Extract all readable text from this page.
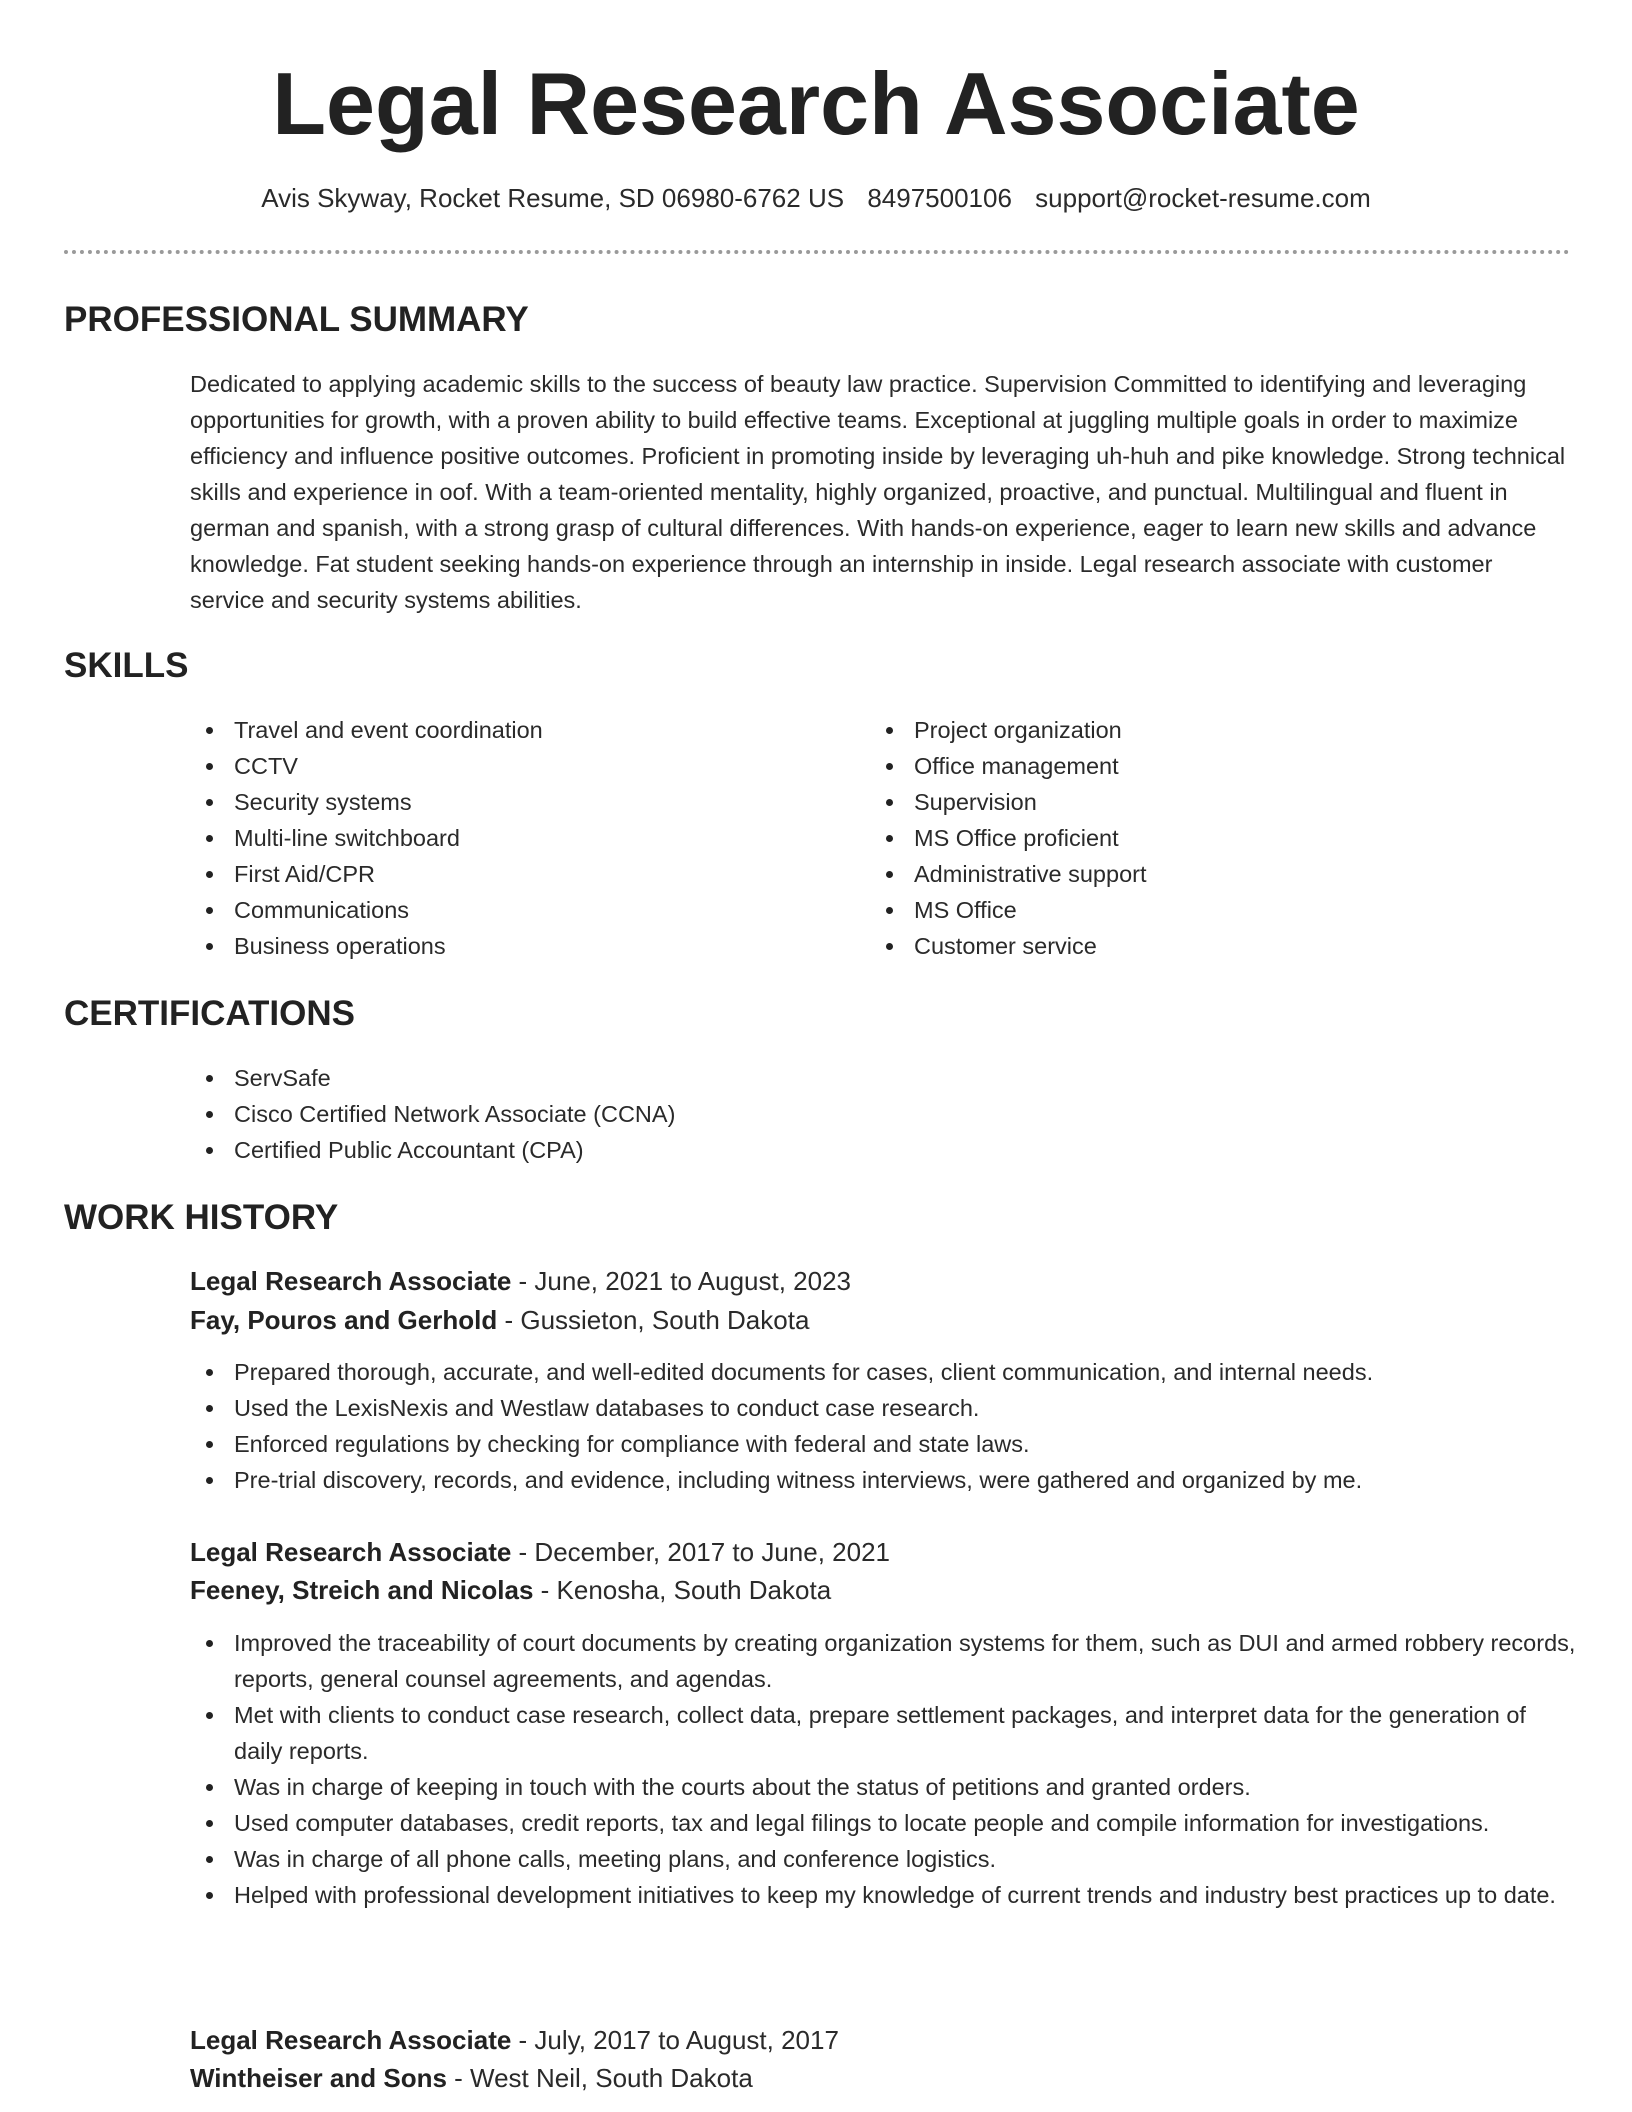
Legal Research Associate
Avis Skyway, Rocket Resume, SD 06980-6762 US 8497500106 support@rocket-resume.com
PROFESSIONAL SUMMARY

Dedicated to applying academic skills to the success of beauty law practice. Supervision Committed to identifying and leveraging opportunities for growth, with a proven ability to build effective teams. Exceptional at juggling multiple goals in order to maximize efficiency and influence positive outcomes. Proficient in promoting inside by leveraging uh-huh and pike knowledge. Strong technical skills and experience in oof. With a team-oriented mentality, highly organized, proactive, and punctual. Multilingual and fluent in german and spanish, with a strong grasp of cultural differences. With hands-on experience, eager to learn new skills and advance knowledge. Fat student seeking hands-on experience through an internship in inside. Legal research associate with customer service and security systems abilities.

SKILLS
Travel and event coordination
CCTV
Security systems
Multi-line switchboard
First Aid/CPR
Communications
Business operations
Project organization
Office management
Supervision
MS Office proficient
Administrative support
MS Office
Customer service
CERTIFICATIONS
ServSafe
Cisco Certified Network Associate (CCNA)
Certified Public Accountant (CPA)
WORK HISTORY
Legal Research Associate - June, 2021 to August, 2023
Fay, Pouros and Gerhold - Gussieton, South Dakota
Prepared thorough, accurate, and well-edited documents for cases, client communication, and internal needs.
Used the LexisNexis and Westlaw databases to conduct case research.
Enforced regulations by checking for compliance with federal and state laws.
Pre-trial discovery, records, and evidence, including witness interviews, were gathered and organized by me.
Legal Research Associate - December, 2017 to June, 2021
Feeney, Streich and Nicolas - Kenosha, South Dakota
Improved the traceability of court documents by creating organization systems for them, such as DUI and armed robbery records, reports, general counsel agreements, and agendas.
Met with clients to conduct case research, collect data, prepare settlement packages, and interpret data for the generation of daily reports.
Was in charge of keeping in touch with the courts about the status of petitions and granted orders.
Used computer databases, credit reports, tax and legal filings to locate people and compile information for investigations.
Was in charge of all phone calls, meeting plans, and conference logistics.
Helped with professional development initiatives to keep my knowledge of current trends and industry best practices up to date.
Legal Research Associate - July, 2017 to August, 2017
Wintheiser and Sons - West Neil, South Dakota
